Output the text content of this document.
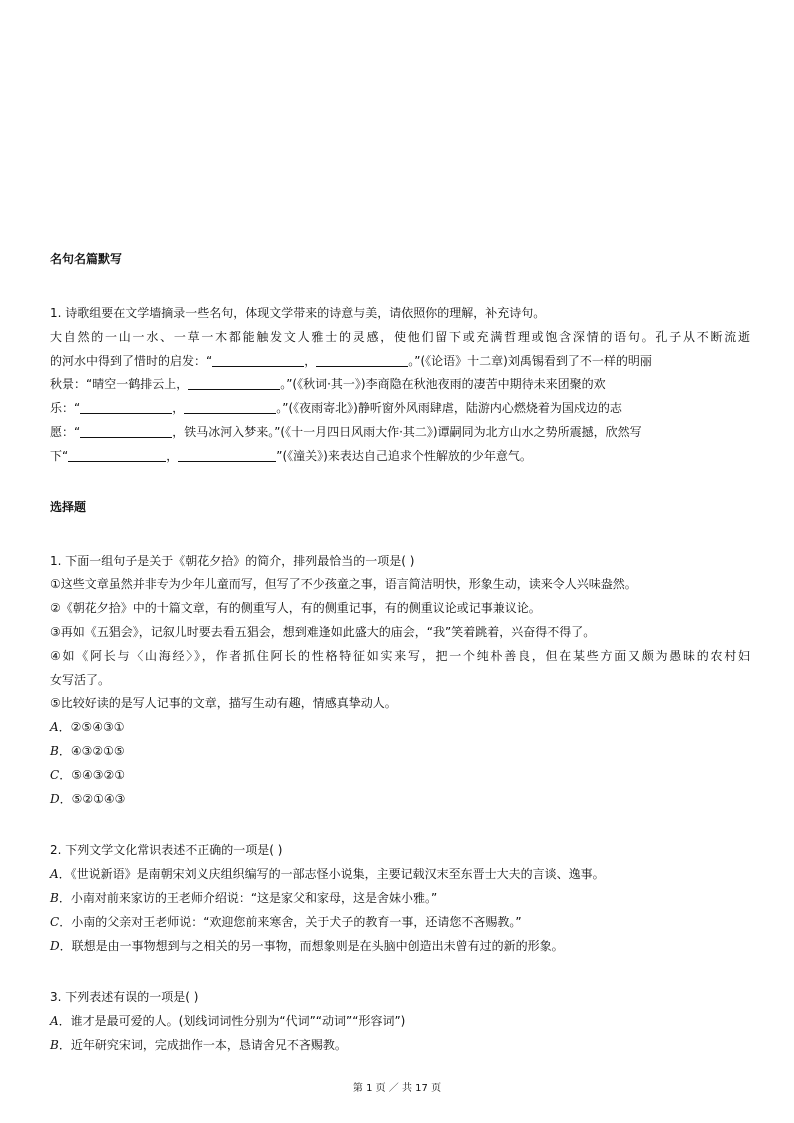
名句名篇默写
1. 诗歌组要在文学墙摘录一些名句，体现文学带来的诗意与美，请依照你的理解，补充诗句。
大自然的一山一水、一草一木都能触发文人雅士的灵感，使他们留下或充满哲理或饱含深情的语句。孔子从不断流逝
的河水中得到了惜时的启发：“	，	。”(《论语》十二章)刘禹锡看到了不一样的明丽
秋景：“晴空一鹤排云上，	。”(《秋词·其一》)李商隐在秋池夜雨的凄苦中期待未来团聚的欢
乐：“	，	。”(《夜雨寄北》)静听窗外风雨肆虐，陆游内心燃烧着为国戍边的志
愿：“	，铁马冰河入梦来。”(《十一月四日风雨大作·其二》)谭嗣同为北方山水之势所震撼，欣然写
下“	，	”(《潼关》)来表达自己追求个性解放的少年意气。
选择题
1. 下面一组句子是关于《朝花夕拾》的简介，排列最恰当的一项是( )
①这些文章虽然并非专为少年儿童而写，但写了不少孩童之事，语言简洁明快，形象生动，读来令人兴味盎然。
②《朝花夕拾》中的十篇文章，有的侧重写人，有的侧重记事，有的侧重议论或记事兼议论。
③再如《五猖会》，记叙儿时要去看五猖会，想到难逢如此盛大的庙会，“我”笑着跳着，兴奋得不得了。
④如《阿长与〈山海经〉》，作者抓住阿长的性格特征如实来写，把一个纯朴善良，但在某些方面又颇为愚昧的农村妇
女写活了。
⑤比较好读的是写人记事的文章，描写生动有趣，情感真挚动人。
A．②⑤④③①
B．④③②①⑤
C．⑤④③②①
D．⑤②①④③
2. 下列文学文化常识表述不正确的一项是( )
A．《世说新语》是南朝宋刘义庆组织编写的一部志怪小说集，主要记载汉末至东晋士大夫的言谈、逸事。
B．小南对前来家访的王老师介绍说：“这是家父和家母，这是舍妹小雅。”
C．小南的父亲对王老师说：“欢迎您前来寒舍，关于犬子的教育一事，还请您不吝赐教。”
D．联想是由一事物想到与之相关的另一事物，而想象则是在头脑中创造出未曾有过的新的形象。
3. 下列表述有误的一项是( )
A．谁才是最可爱的人。(划线词词性分别为“代词”“动词”“形容词”)
B．近年研究宋词，完成拙作一本，恳请舍兄不吝赐教。
第 1 页 ／ 共 17 页
